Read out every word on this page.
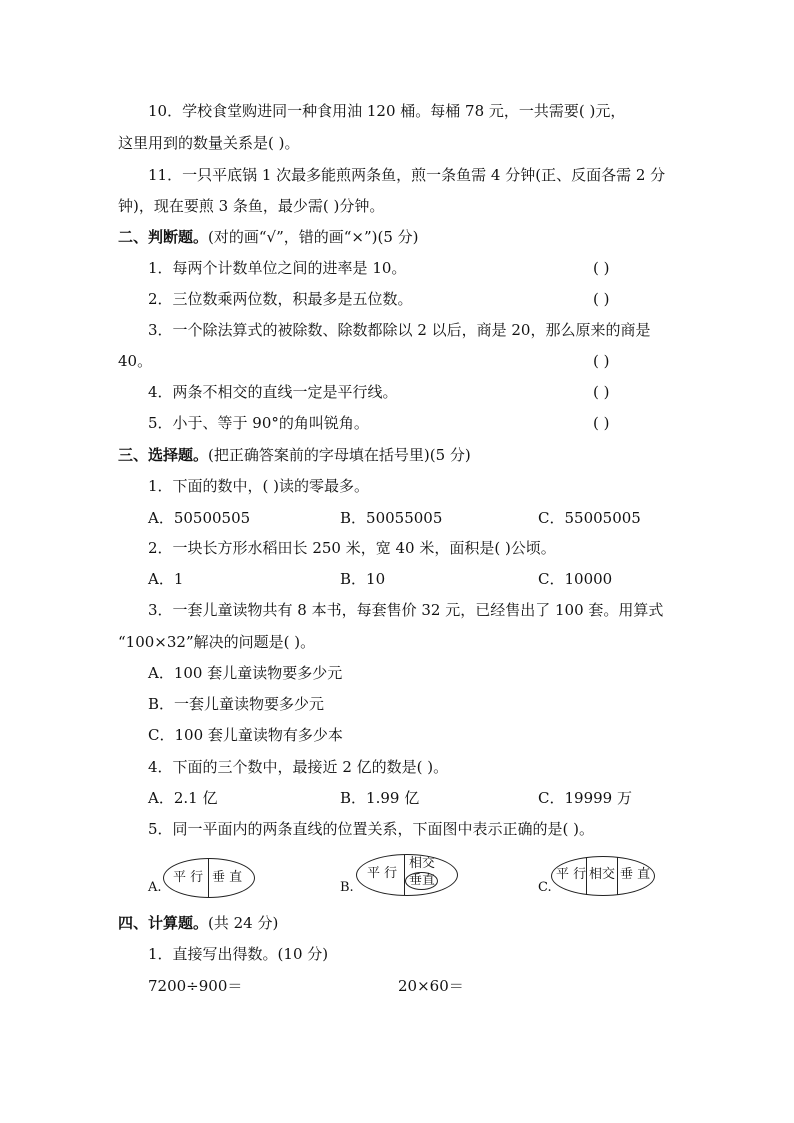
10．学校食堂购进同一种食用油 120 桶。每桶 78 元，一共需要( )元，
这里用到的数量关系是( )。
11．一只平底锅 1 次最多能煎两条鱼，煎一条鱼需 4 分钟(正、反面各需 2 分
钟)，现在要煎 3 条鱼，最少需( )分钟。
二、判断题。(对的画“√”，错的画“×”)(5 分)
1．每两个计数单位之间的进率是 10。	( )
2．三位数乘两位数，积最多是五位数。	( )
3．一个除法算式的被除数、除数都除以 2 以后，商是 20，那么原来的商是
40。	( )
4．两条不相交的直线一定是平行线。	( )
5．小于、等于 90°的角叫锐角。	( )
三、选择题。(把正确答案前的字母填在括号里)(5 分)
1．下面的数中，( )读的零最多。
A．50500505	B．50055005	C．55005005
2．一块长方形水稻田长 250 米，宽 40 米，面积是( )公顷。
A．1	B．10	C．10000
3．一套儿童读物共有 8 本书，每套售价 32 元，已经售出了 100 套。用算式
“100×32”解决的问题是( )。
A．100 套儿童读物要多少元
B．一套儿童读物要多少元
C．100 套儿童读物有多少本
4．下面的三个数中，最接近 2 亿的数是( )。
A．2.1 亿	B．1.99 亿	C．19999 万
5．同一平面内的两条直线的位置关系，下面图中表示正确的是( )。
A.
平 行 垂 直
B.
平 行
相交
垂直	C.
平 行 相交 垂 直
四、计算题。(共 24 分)
1．直接写出得数。(10 分)
7200÷900＝	20×60＝
